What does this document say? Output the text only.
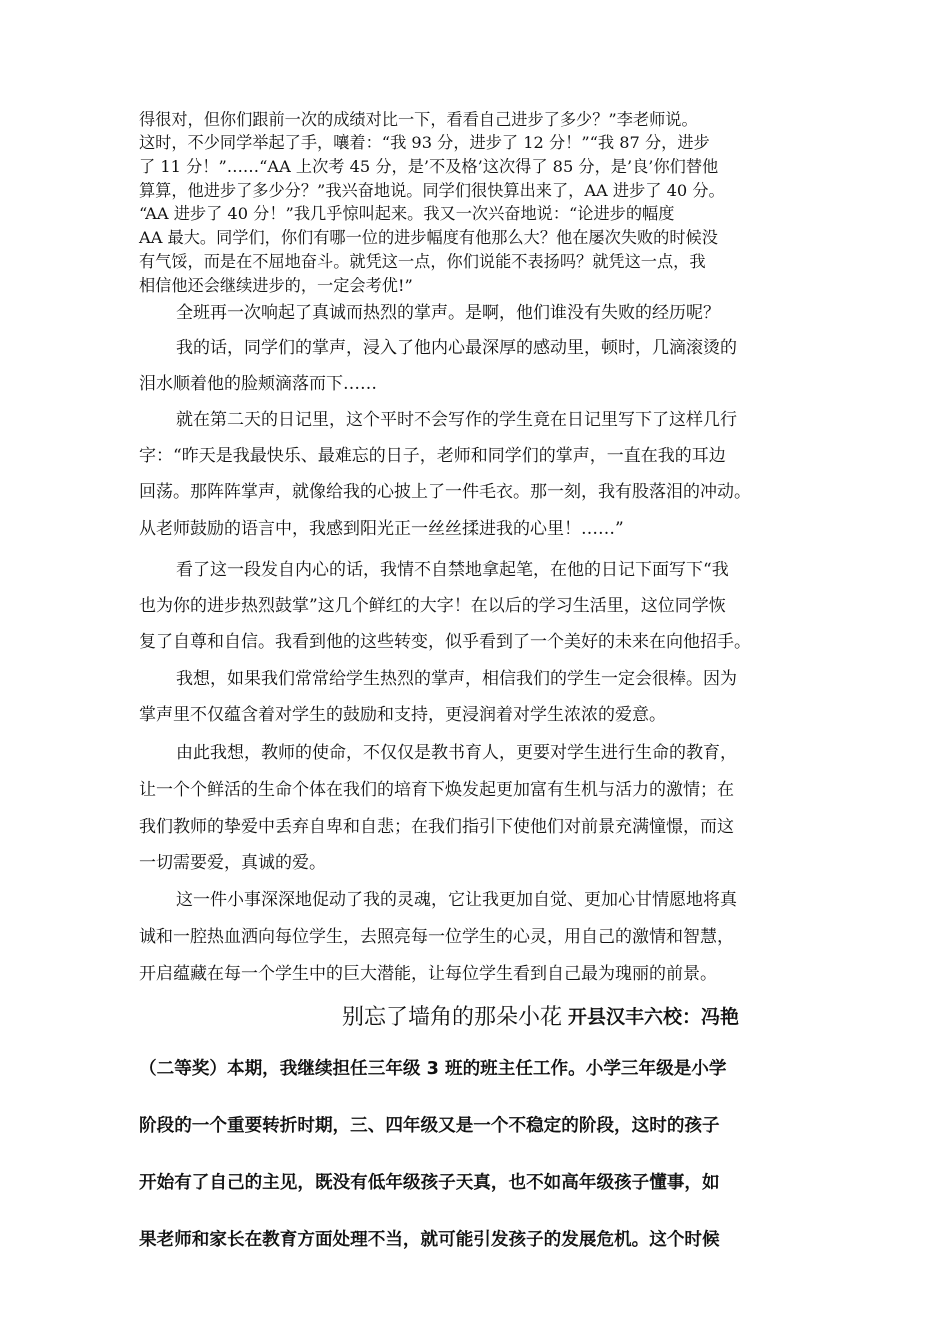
得很对，但你们跟前一次的成绩对比一下，看看自己进步了多少？”李老师说。
这时，不少同学举起了手，嚷着：“我 93 分，进步了 12 分！”“我 87 分，进步
了 11 分！”……“AA 上次考 45 分，是’不及格’这次得了 85 分，是’良’你们替他
算算，他进步了多少分？”我兴奋地说。同学们很快算出来了，AA 进步了 40 分。
“AA 进步了 40 分！”我几乎惊叫起来。我又一次兴奋地说：“论进步的幅度
AA 最大。同学们，你们有哪一位的进步幅度有他那么大？他在屡次失败的时候没
有气馁，而是在不屈地奋斗。就凭这一点，你们说能不表扬吗？就凭这一点，我
相信他还会继续进步的，一定会考优!”
全班再一次响起了真诚而热烈的掌声。是啊，他们谁没有失败的经历呢？
我的话，同学们的掌声，浸入了他内心最深厚的感动里，顿时，几滴滚烫的
泪水顺着他的脸颊滴落而下……
就在第二天的日记里，这个平时不会写作的学生竟在日记里写下了这样几行
字：“昨天是我最快乐、最难忘的日子，老师和同学们的掌声，一直在我的耳边
回荡。那阵阵掌声，就像给我的心披上了一件毛衣。那一刻，我有股落泪的冲动。
从老师鼓励的语言中，我感到阳光正一丝丝揉进我的心里！……”
看了这一段发自内心的话，我情不自禁地拿起笔，在他的日记下面写下“我
也为你的进步热烈鼓掌”这几个鲜红的大字！在以后的学习生活里，这位同学恢
复了自尊和自信。我看到他的这些转变，似乎看到了一个美好的未来在向他招手。
我想，如果我们常常给学生热烈的掌声，相信我们的学生一定会很棒。因为
掌声里不仅蕴含着对学生的鼓励和支持，更浸润着对学生浓浓的爱意。
由此我想，教师的使命，不仅仅是教书育人，更要对学生进行生命的教育，
让一个个鲜活的生命个体在我们的培育下焕发起更加富有生机与活力的激情；在
我们教师的挚爱中丢弃自卑和自悲；在我们指引下使他们对前景充满憧憬，而这
一切需要爱，真诚的爱。
这一件小事深深地促动了我的灵魂，它让我更加自觉、更加心甘情愿地将真
诚和一腔热血洒向每位学生，去照亮每一位学生的心灵，用自己的激情和智慧，
开启蕴藏在每一个学生中的巨大潜能，让每位学生看到自己最为瑰丽的前景。
别忘了墙角的那朵小花 开县汉丰六校：冯艳
（二等奖）本期，我继续担任三年级 3 班的班主任工作。小学三年级是小学
阶段的一个重要转折时期，三、四年级又是一个不稳定的阶段，这时的孩子
开始有了自己的主见，既没有低年级孩子天真，也不如高年级孩子懂事，如
果老师和家长在教育方面处理不当，就可能引发孩子的发展危机。这个时候
